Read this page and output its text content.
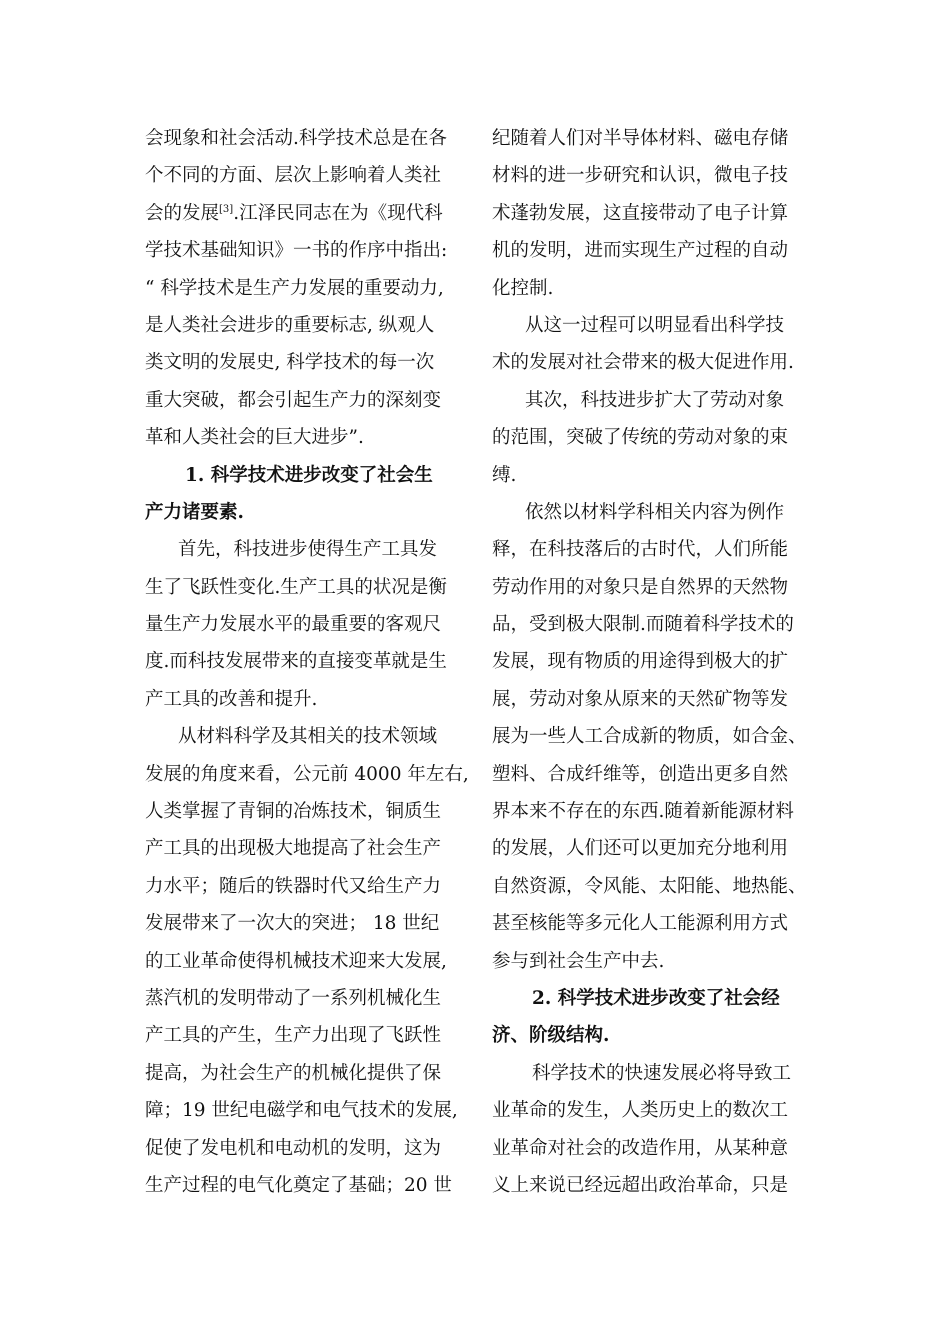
会现象和社会活动.科学技术总是在各
个不同的方面、层次上影响着人类社
会的发展[3].江泽民同志在为《现代科
学技术基础知识》一书的作序中指出:
“ 科学技术是生产力发展的重要动力,
是人类社会进步的重要标志, 纵观人
类文明的发展史, 科学技术的每一次
重大突破，都会引起生产力的深刻变
革和人类社会的巨大进步”.
1. 科学技术进步改变了社会生
产力诸要素.
首先，科技进步使得生产工具发
生了飞跃性变化.生产工具的状况是衡
量生产力发展水平的最重要的客观尺
度.而科技发展带来的直接变革就是生
产工具的改善和提升.
从材料科学及其相关的技术领域
发展的角度来看，公元前 4000 年左右,
人类掌握了青铜的冶炼技术，铜质生
产工具的出现极大地提高了社会生产
力水平；随后的铁器时代又给生产力
发展带来了一次大的突进； 18 世纪
的工业革命使得机械技术迎来大发展,
蒸汽机的发明带动了一系列机械化生
产工具的产生，生产力出现了飞跃性
提高，为社会生产的机械化提供了保
障；19 世纪电磁学和电气技术的发展,
促使了发电机和电动机的发明，这为
生产过程的电气化奠定了基础；20 世
纪随着人们对半导体材料、磁电存储
材料的进一步研究和认识，微电子技
术蓬勃发展，这直接带动了电子计算
机的发明，进而实现生产过程的自动
化控制.
从这一过程可以明显看出科学技
术的发展对社会带来的极大促进作用.
其次，科技进步扩大了劳动对象
的范围，突破了传统的劳动对象的束
缚.
依然以材料学科相关内容为例作
释，在科技落后的古时代，人们所能
劳动作用的对象只是自然界的天然物
品，受到极大限制.而随着科学技术的
发展，现有物质的用途得到极大的扩
展，劳动对象从原来的天然矿物等发
展为一些人工合成新的物质，如合金、
塑料、合成纤维等，创造出更多自然
界本来不存在的东西.随着新能源材料
的发展，人们还可以更加充分地利用
自然资源，令风能、太阳能、地热能、
甚至核能等多元化人工能源利用方式
参与到社会生产中去.
2. 科学技术进步改变了社会经
济、阶级结构.
科学技术的快速发展必将导致工
业革命的发生，人类历史上的数次工
业革命对社会的改造作用，从某种意
义上来说已经远超出政治革命，只是
